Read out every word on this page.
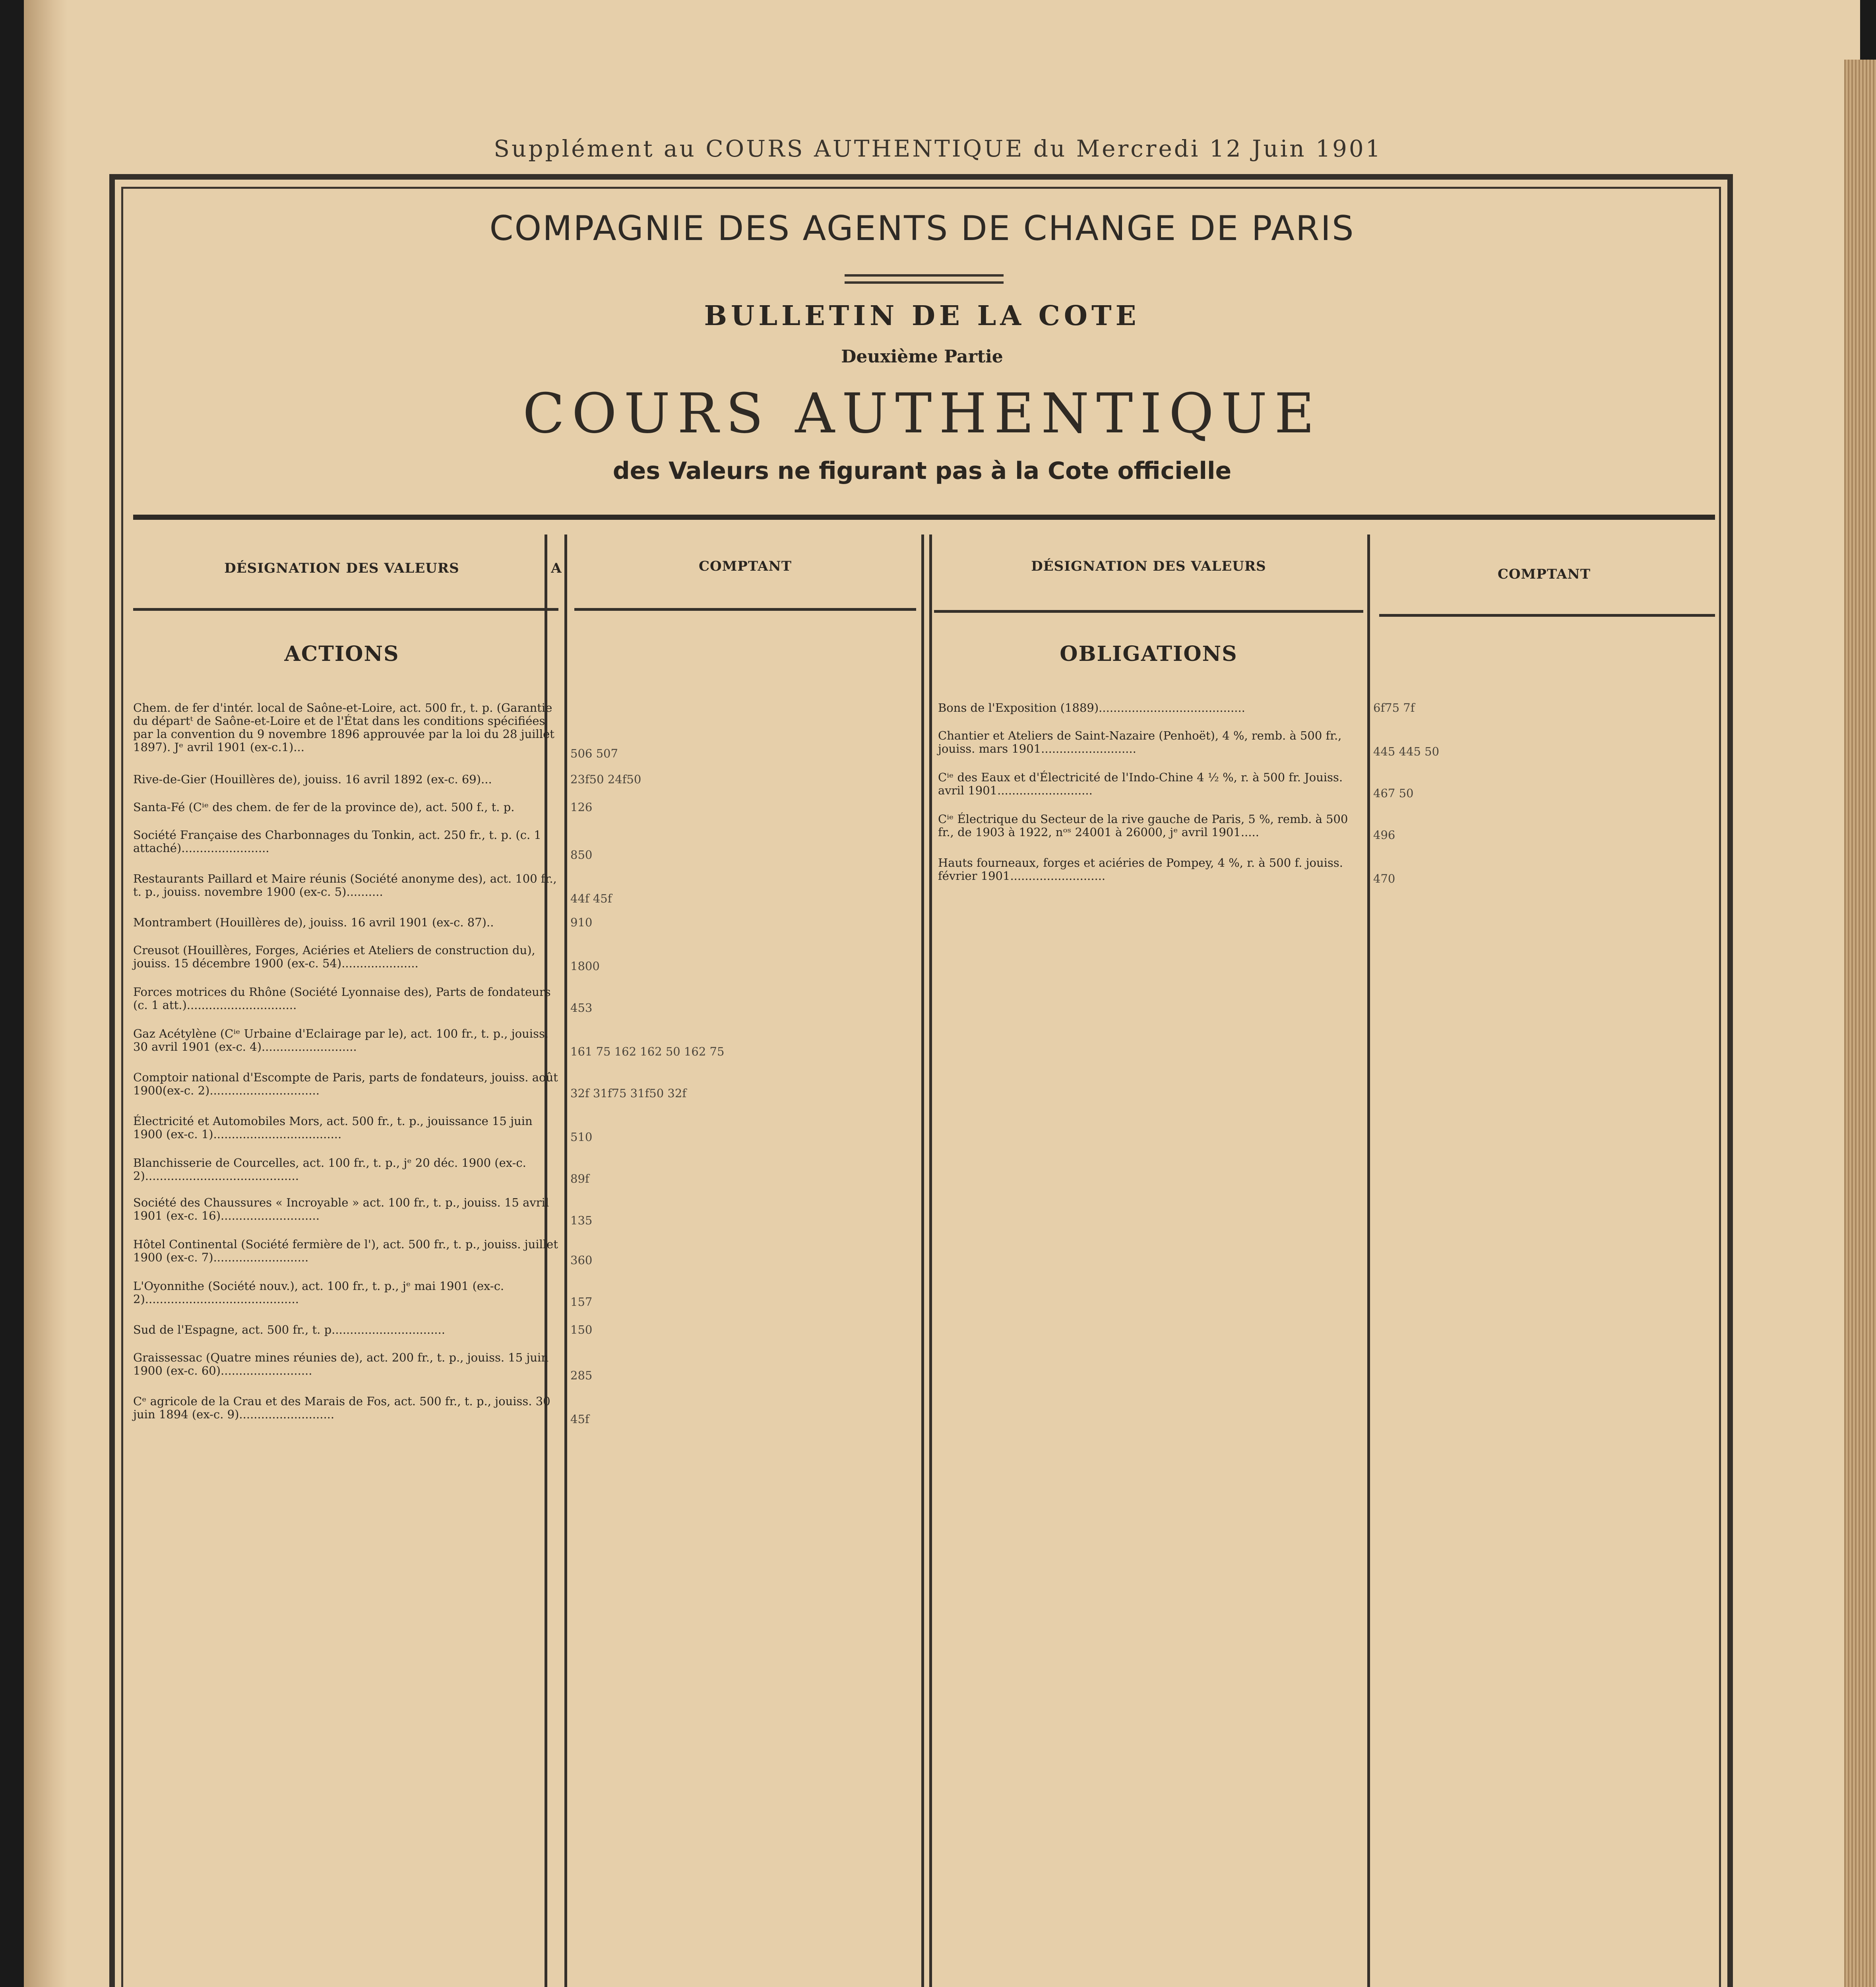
Supplément au COURS AUTHENTIQUE du Mercredi 12 Juin 1901
COMPAGNIE DES AGENTS DE CHANGE DE PARIS
BULLETIN DE LA COTE
Deuxième Partie
COURS AUTHENTIQUE
des Valeurs ne figurant pas à la Cote officielle
DÉSIGNATION DES VALEURS	A	COMPTANT	DÉSIGNATION DES VALEURS	COMPTANT
ACTIONS	OBLIGATIONS
Chem. de fer d'intér. local de Saône-et-Loire, act. 500 fr., t. p. (Garantie du départᵗ de Saône-et-Loire et de l'État dans les conditions spécifiées par la convention du 9 novembre 1896 approuvée par la loi du 28 juillet 1897). Jᵉ avril 1901 (ex-c.1)...	506 507
Rive-de-Gier (Houillères de), jouiss. 16 avril 1892 (ex-c. 69)...	23f50 24f50
Santa-Fé (Cⁱᵉ des chem. de fer de la province de), act. 500 f., t. p.	126
Société Française des Charbonnages du Tonkin, act. 250 fr., t. p. (c. 1 attaché)........................	850
Restaurants Paillard et Maire réunis (Société anonyme des), act. 100 fr., t. p., jouiss. novembre 1900 (ex-c. 5)..........	44f 45f
Montrambert (Houillères de), jouiss. 16 avril 1901 (ex-c. 87)..	910
Creusot (Houillères, Forges, Aciéries et Ateliers de construction du), jouiss. 15 décembre 1900 (ex-c. 54).....................	1800
Forces motrices du Rhône (Société Lyonnaise des), Parts de fondateurs (c. 1 att.)..............................	453
Gaz Acétylène (Cⁱᵉ Urbaine d'Eclairage par le), act. 100 fr., t. p., jouiss. 30 avril 1901 (ex-c. 4)..........................	161 75 162 162 50 162 75
Comptoir national d'Escompte de Paris, parts de fondateurs, jouiss. août 1900(ex-c. 2)..............................	32f 31f75 31f50 32f
Électricité et Automobiles Mors, act. 500 fr., t. p., jouissance 15 juin 1900 (ex-c. 1)...................................	510
Blanchisserie de Courcelles, act. 100 fr., t. p., jᵉ 20 déc. 1900 (ex-c. 2)..........................................	89f
Société des Chaussures « Incroyable » act. 100 fr., t. p., jouiss. 15 avril 1901 (ex-c. 16)...........................	135
Hôtel Continental (Société fermière de l'), act. 500 fr., t. p., jouiss. juillet 1900 (ex-c. 7)..........................	360
L'Oyonnithe (Société nouv.), act. 100 fr., t. p., jᵉ mai 1901 (ex-c. 2)..........................................	157
Sud de l'Espagne, act. 500 fr., t. p...............................	150
Graissessac (Quatre mines réunies de), act. 200 fr., t. p., jouiss. 15 juin 1900 (ex-c. 60).........................	285
Cᵉ agricole de la Crau et des Marais de Fos, act. 500 fr., t. p., jouiss. 30 juin 1894 (ex-c. 9)..........................	45f
Bons de l'Exposition (1889)........................................	6f75 7f
Chantier et Ateliers de Saint-Nazaire (Penhoët), 4 %, remb. à 500 fr., jouiss. mars 1901..........................	445 445 50
Cⁱᵉ des Eaux et d'Électricité de l'Indo-Chine 4 ½ %, r. à 500 fr. Jouiss. avril 1901..........................	467 50
Cⁱᵉ Électrique du Secteur de la rive gauche de Paris, 5 %, remb. à 500 fr., de 1903 à 1922, nᵒˢ 24001 à 26000, jᵉ avril 1901.....	496
Hauts fourneaux, forges et aciéries de Pompey, 4 %, r. à 500 f. jouiss. février 1901..........................	470
